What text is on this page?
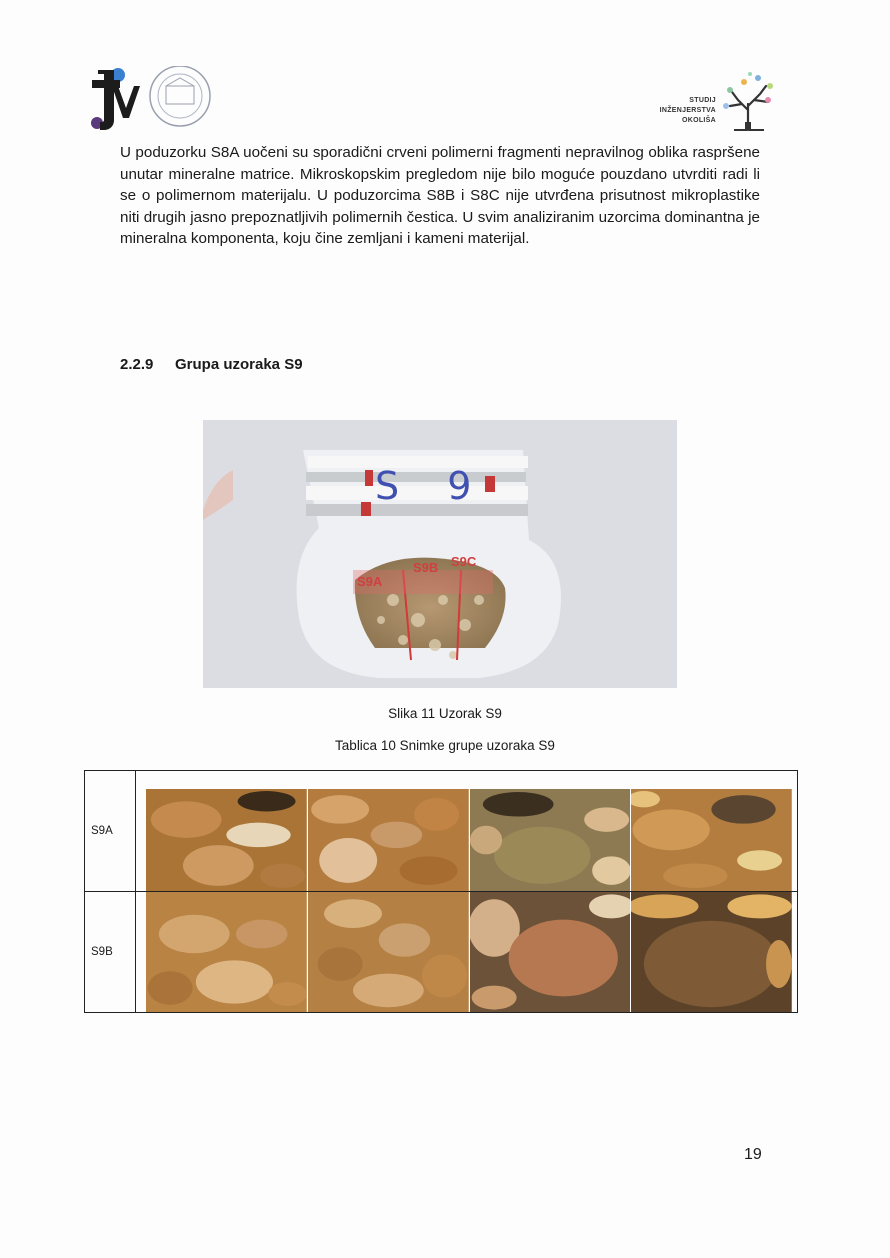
STUDIJ
INŽENJERSTVA
OKOLIŠA
U poduzorku S8A uočeni su sporadični crveni polimerni fragmenti nepravilnog oblika raspršene unutar mineralne matrice. Mikroskopskim pregledom nije bilo moguće pouzdano utvrditi radi li se o polimernom materijalu. U poduzorcima S8B i S8C nije utvrđena prisutnost mikroplastike niti drugih jasno prepoznatljivih polimernih čestica. U svim analiziranim uzorcima dominantna je mineralna komponenta, koju čine zemljani i kameni materijal.
2.2.9 Grupa uzoraka S9
S 9
S9A
S9B S9C
Slika 11 Uzorak S9
Tablica 10 Snimke grupe uzoraka S9
S9A	

S9B	
19
